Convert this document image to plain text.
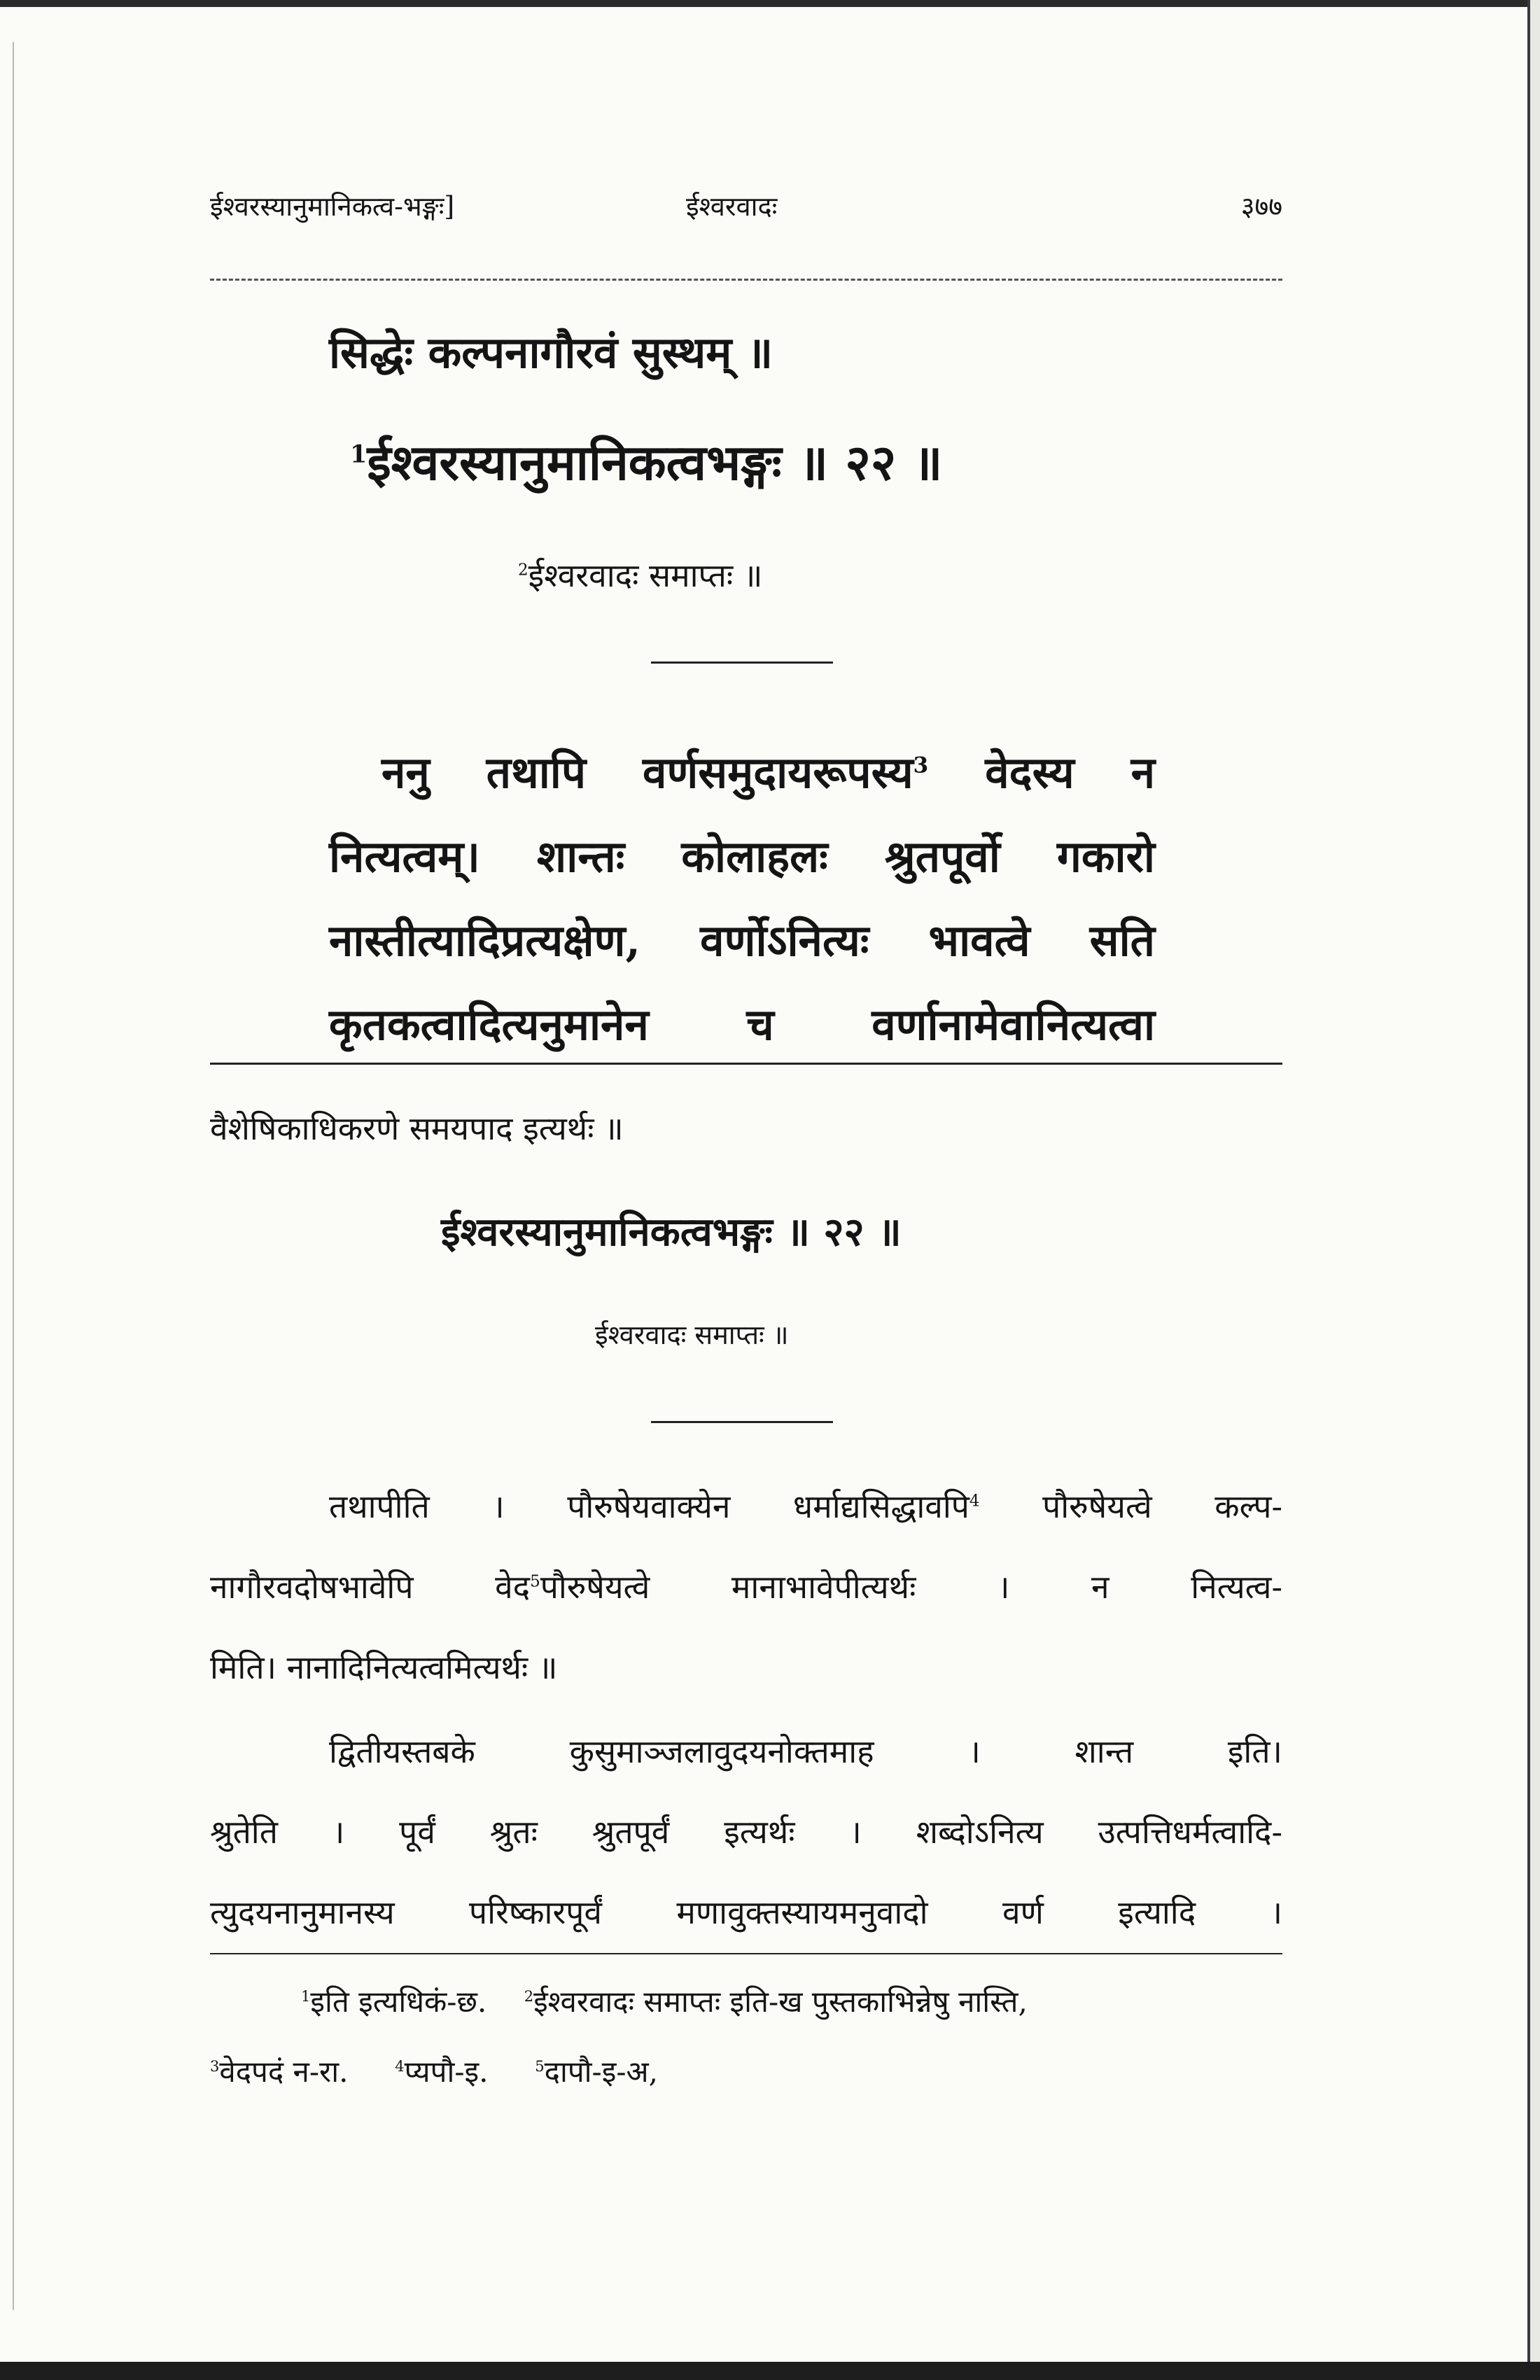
ईश्वरस्यानुमानिकत्व-भङ्गः]	ईश्वरवादः	३७७
सिद्धेः कल्पनागौरवं सुस्थम् ॥
$^1$ईश्वरस्यानुमानिकत्वभङ्गः ॥ २२ ॥
$^2$ईश्वरवादः समाप्तः ॥
ननु तथापि वर्णसमुदायरूपस्य$^3$ वेदस्य न
नित्यत्वम्। शान्तः कोलाहलः श्रुतपूर्वो गकारो
नास्तीत्यादिप्रत्यक्षेण, वर्णोऽनित्यः भावत्वे सति
कृतकत्वादित्यनुमानेन च वर्णानामेवानित्यत्वा
वैशेषिकाधिकरणे समयपाद इत्यर्थः ॥
ईश्वरस्यानुमानिकत्वभङ्गः ॥ २२ ॥
ईश्वरवादः समाप्तः ॥
तथापीति । पौरुषेयवाक्येन धर्माद्यसिद्धावपि$^4$ पौरुषेयत्वे कल्प-
नागौरवदोषभावेपि वेद$^5$पौरुषेयत्वे मानाभावेपीत्यर्थः । न नित्यत्व-
मिति। नानादिनित्यत्वमित्यर्थः ॥
द्वितीयस्तबके कुसुमाञ्जलावुदयनोक्तमाह । शान्त इति।
श्रुतेति । पूर्वं श्रुतः श्रुतपूर्वं इत्यर्थः । शब्दोऽनित्य उत्पत्तिधर्मत्वादि-
त्युदयनानुमानस्य परिष्कारपूर्वं मणावुक्तस्यायमनुवादो वर्ण इत्यादि ।
$^1$इति इत्यधिकं-छ.	$^2$ईश्वरवादः समाप्तः इति-ख पुस्तकाभिन्नेषु नास्ति,
$^3$वेदपदं न-रा.	$^4$प्यपौ-इ.	$^5$दापौ-इ-अ,
